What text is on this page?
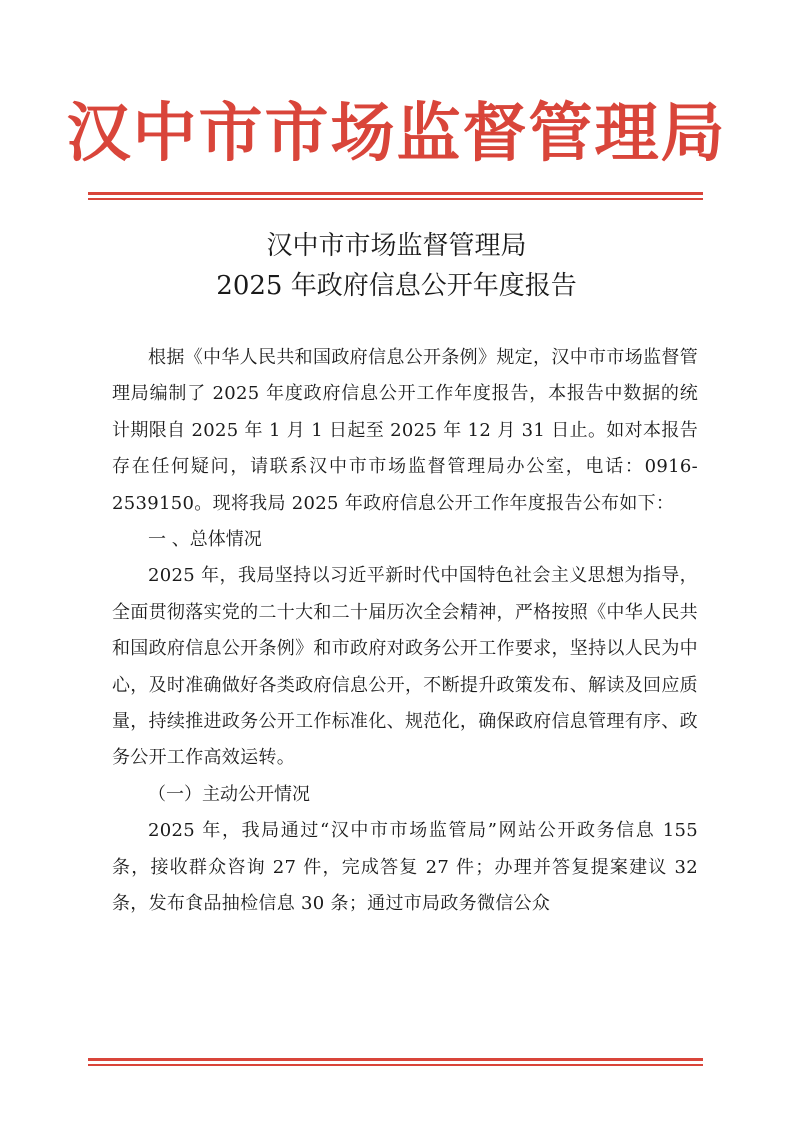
汉中市市场监督管理局
汉中市市场监督管理局
2025 年政府信息公开年度报告

根据《中华人民共和国政府信息公开条例》规定，汉中市市场监督管理局编制了 2025 年度政府信息公开工作年度报告，本报告中数据的统计期限自 2025 年 1 月 1 日起至 2025 年 12 月 31 日止。如对本报告存在任何疑问，请联系汉中市市场监督管理局办公室，电话：0916-2539150。现将我局 2025 年政府信息公开工作年度报告公布如下：

一 、总体情况

2025 年，我局坚持以习近平新时代中国特色社会主义思想为指导，全面贯彻落实党的二十大和二十届历次全会精神，严格按照《中华人民共和国政府信息公开条例》和市政府对政务公开工作要求，坚持以人民为中心，及时准确做好各类政府信息公开，不断提升政策发布、解读及回应质量，持续推进政务公开工作标准化、规范化，确保政府信息管理有序、政务公开工作高效运转。

（一）主动公开情况

2025 年，我局通过“汉中市市场监管局”网站公开政务信息 155 条，接收群众咨询 27 件，完成答复 27 件；办理并答复提案建议 32 条，发布食品抽检信息 30 条；通过市局政务微信公众
